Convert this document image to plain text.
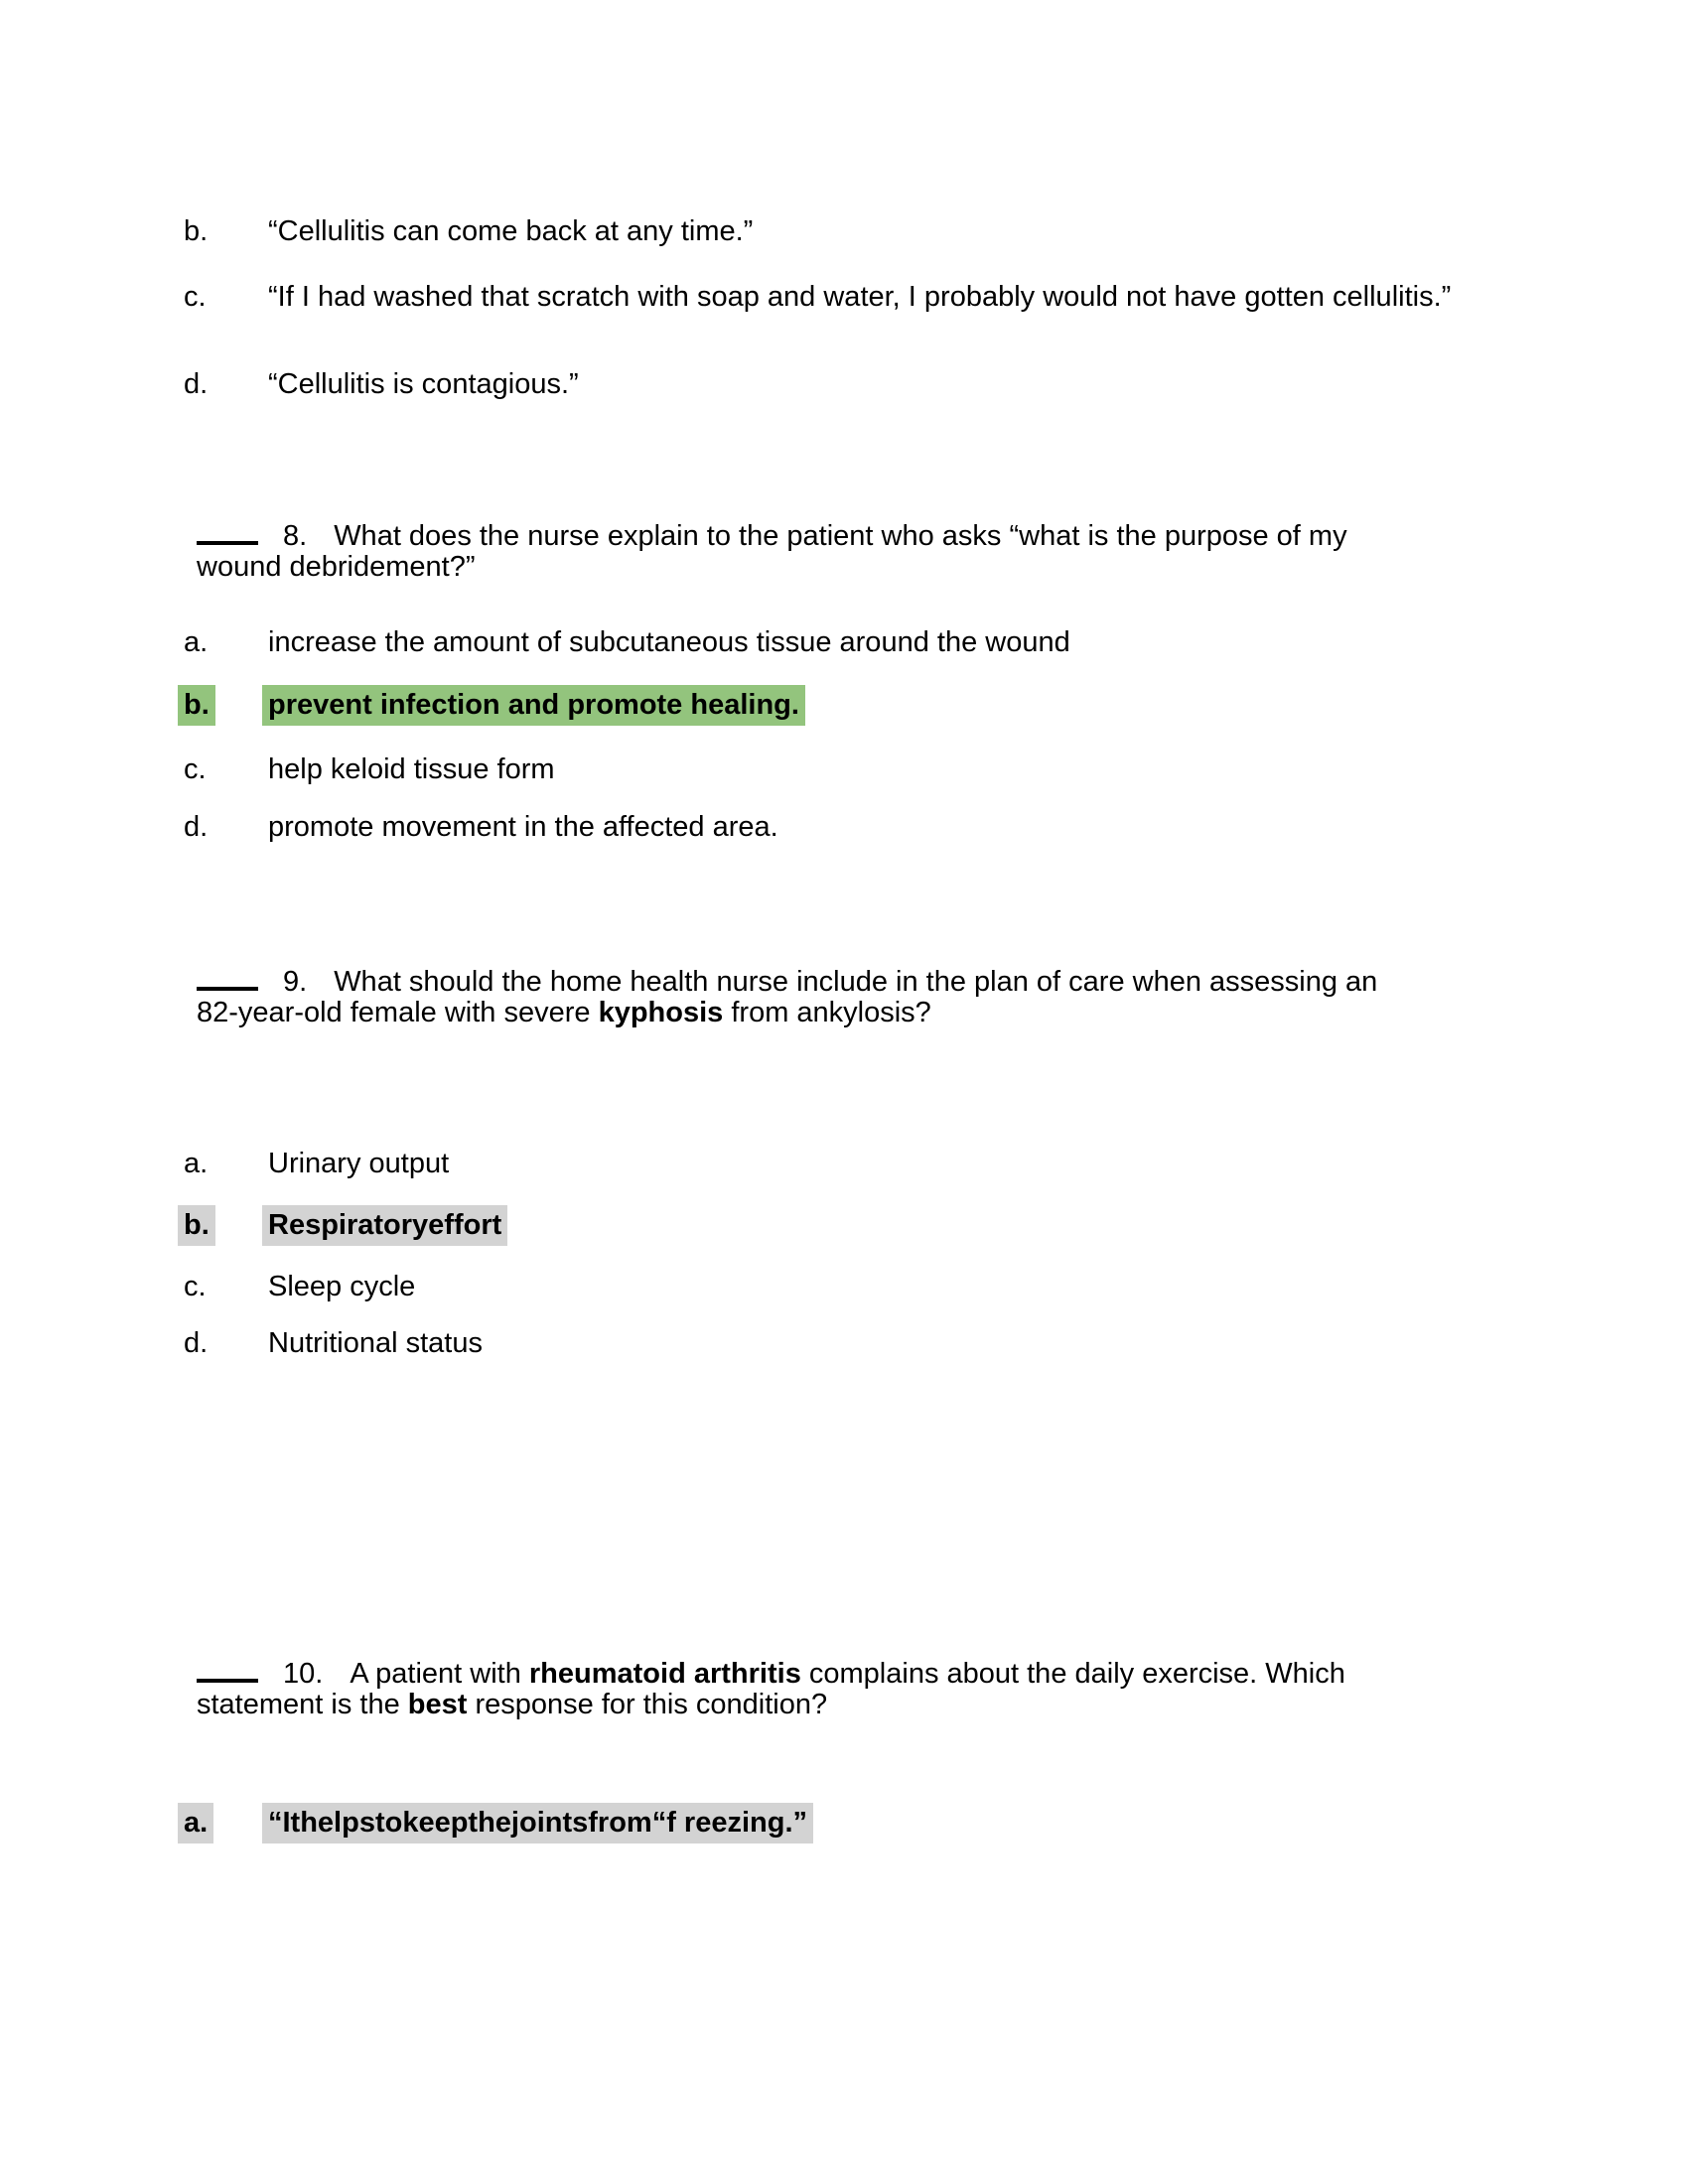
b. “Cellulitis can come back at any time.”
c. “If I had washed that scratch with soap and water, I probably would not have gotten cellulitis.”
d. “Cellulitis is contagious.”
8. What does the nurse explain to the patient who asks “what is the purpose of my
wound debridement?”
a. increase the amount of subcutaneous tissue around the wound
b. prevent infection and promote healing.
c. help keloid tissue form
d. promote movement in the affected area.
9. What should the home health nurse include in the plan of care when assessing an
82-year-old female with severe kyphosis from ankylosis?
a. Urinary output
b. Respiratoryeffort
c. Sleep cycle
d. Nutritional status
10. A patient with rheumatoid arthritis complains about the daily exercise. Which
statement is the best response for this condition?
a. “Ithelpstokeepthejointsfrom“f reezing.”
